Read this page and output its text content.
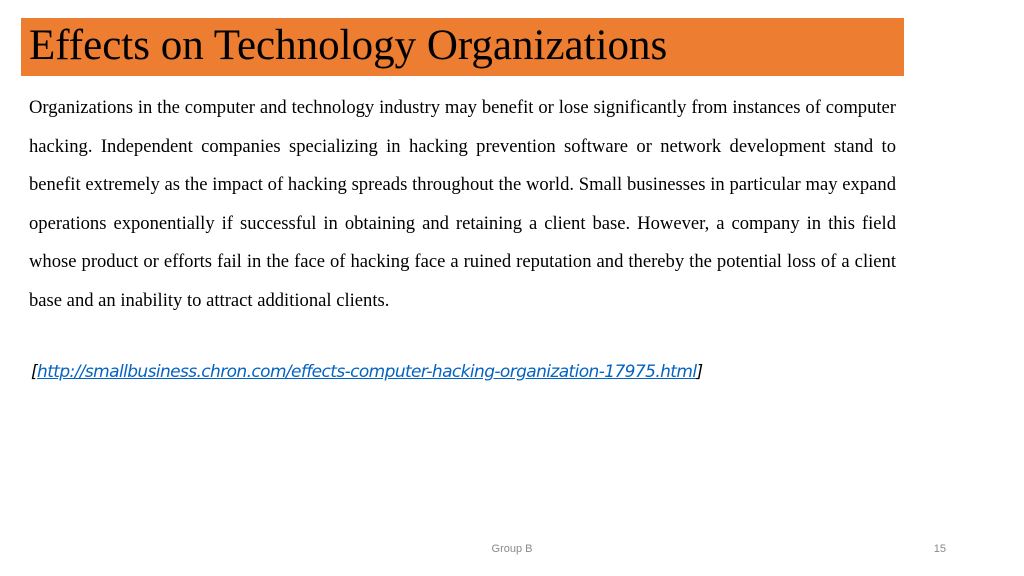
Effects on Technology Organizations

Organizations in the computer and technology industry may benefit or lose significantly from instances of computer hacking. Independent companies specializing in hacking prevention software or network development stand to benefit extremely as the impact of hacking spreads throughout the world. Small businesses in particular may expand operations exponentially if successful in obtaining and retaining a client base. However, a company in this field whose product or efforts fail in the face of hacking face a ruined reputation and thereby the potential loss of a client base and an inability to attract additional clients.

[http://smallbusiness.chron.com/effects-computer-hacking-organization-17975.html]
Group B	15
